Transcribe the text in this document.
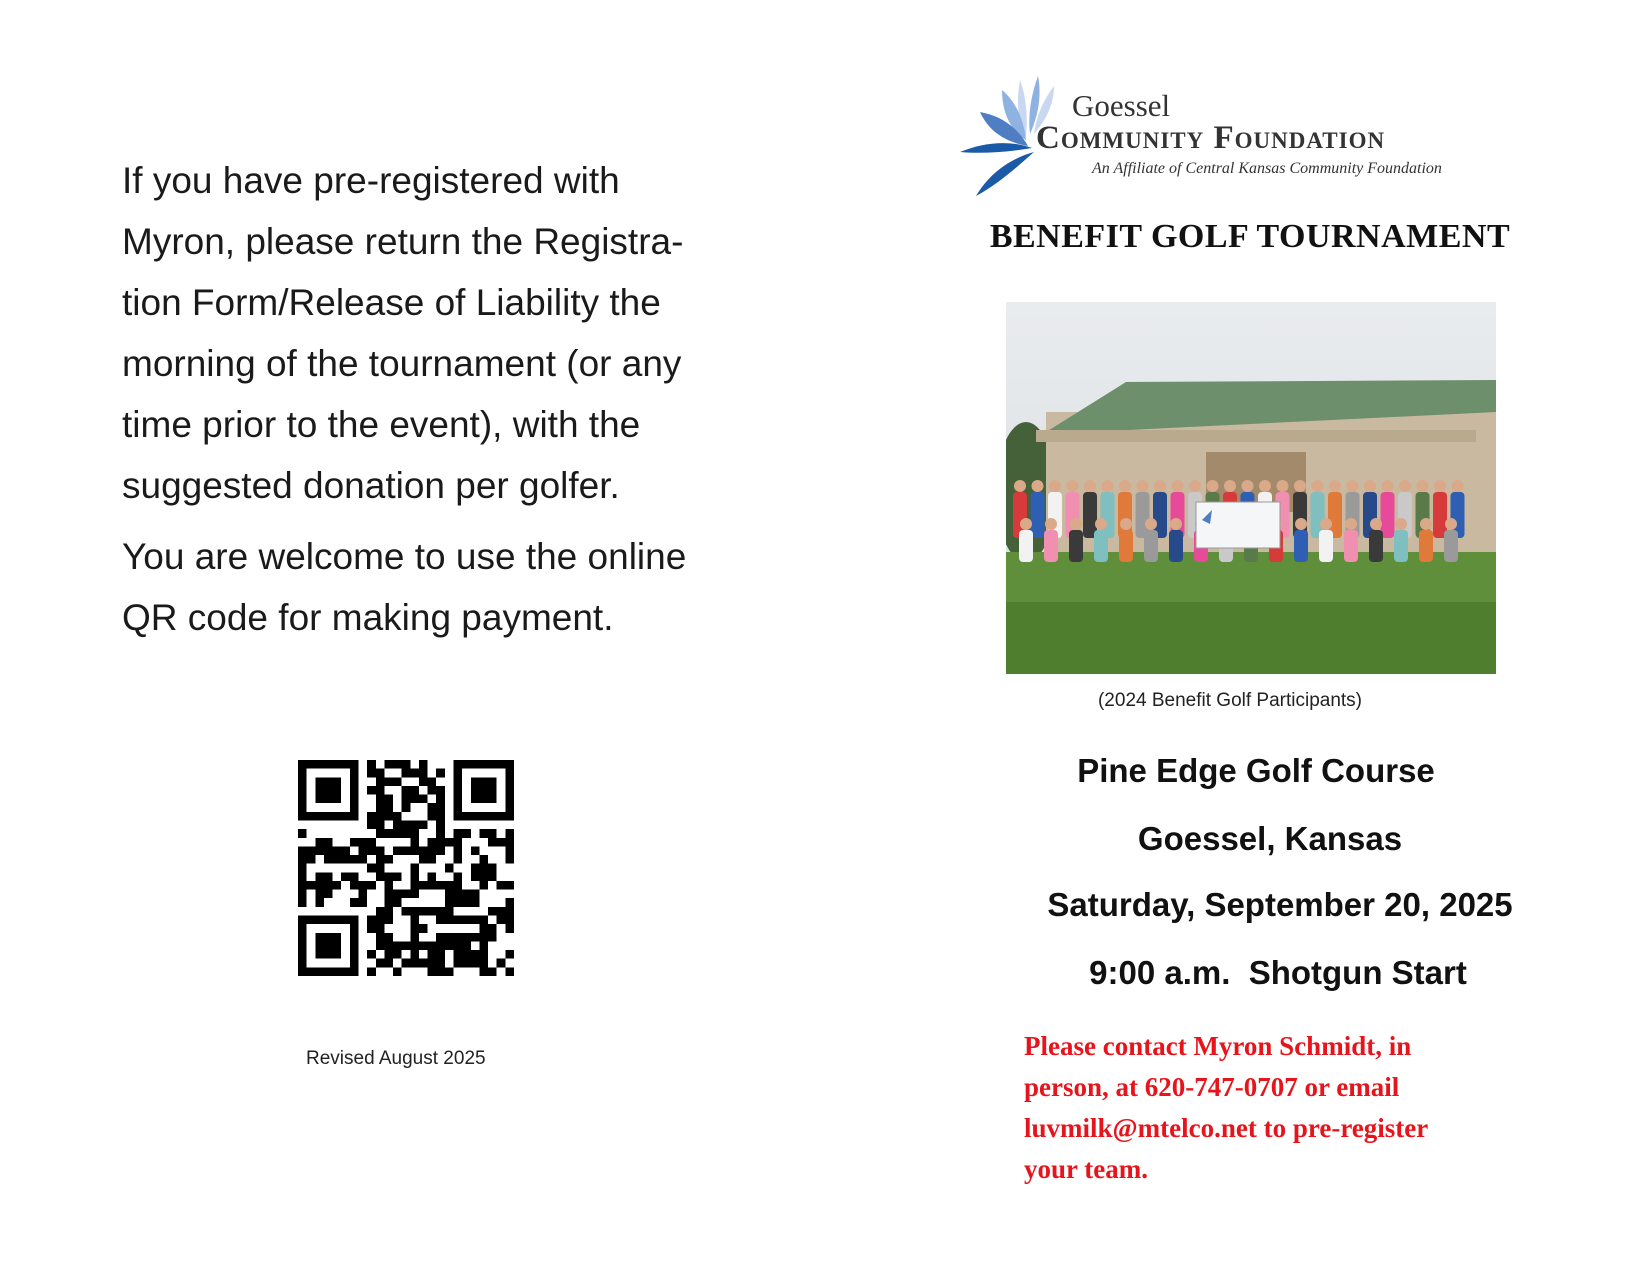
If you have pre-registered with
Myron, please return the Registra-
tion Form/Release of Liability the
morning of the tournament (or any
time prior to the event), with the
suggested donation per golfer.

You are welcome to use the online
QR code for making payment.

Revised August 2025
Goessel
Community Foundation
An Affiliate of Central Kansas Community Foundation
BENEFIT GOLF TOURNAMENT
(2024 Benefit Golf Participants)
Pine Edge Golf Course
Goessel, Kansas
Saturday, September 20, 2025
9:00 a.m.  Shotgun Start
Please contact Myron Schmidt, in
person, at 620-747-0707 or email
luvmilk@mtelco.net to pre-register
your team.
